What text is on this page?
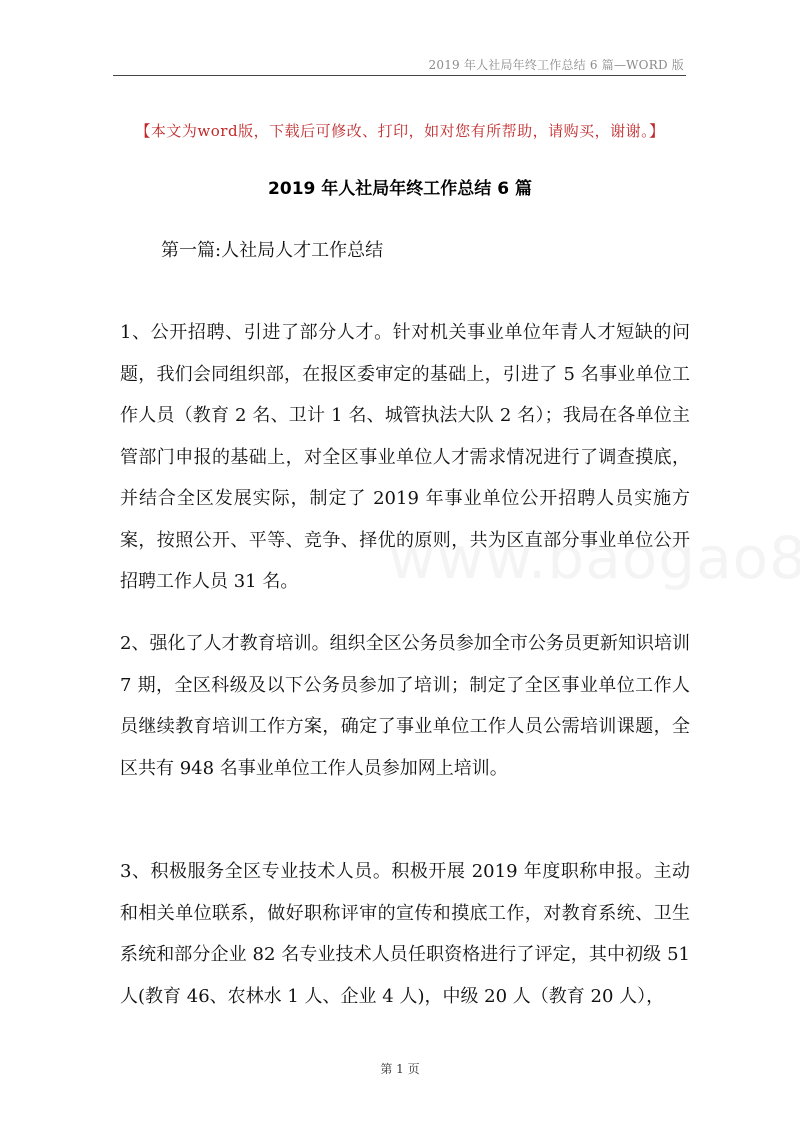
2019 年人社局年终工作总结 6 篇—WORD 版
【本文为word版，下载后可修改、打印，如对您有所帮助，请购买，谢谢。】
2019 年人社局年终工作总结 6 篇
第一篇:人社局人才工作总结

1、公开招聘、引进了部分人才。针对机关事业单位年青人才短缺的问题，我们会同组织部，在报区委审定的基础上，引进了 5 名事业单位工作人员（教育 2 名、卫计 1 名、城管执法大队 2 名）；我局在各单位主管部门申报的基础上，对全区事业单位人才需求情况进行了调查摸底，并结合全区发展实际，制定了 2019 年事业单位公开招聘人员实施方案，按照公开、平等、竞争、择优的原则，共为区直部分事业单位公开招聘工作人员 31 名。

2、强化了人才教育培训。组织全区公务员参加全市公务员更新知识培训 7 期，全区科级及以下公务员参加了培训；制定了全区事业单位工作人员继续教育培训工作方案，确定了事业单位工作人员公需培训课题，全区共有 948 名事业单位工作人员参加网上培训。

3、积极服务全区专业技术人员。积极开展 2019 年度职称申报。主动和相关单位联系，做好职称评审的宣传和摸底工作，对教育系统、卫生系统和部分企业 82 名专业技术人员任职资格进行了评定，其中初级 51 人(教育 46、农林水 1 人、企业 4 人)，中级 20 人（教育 20 人），

第 1 页
